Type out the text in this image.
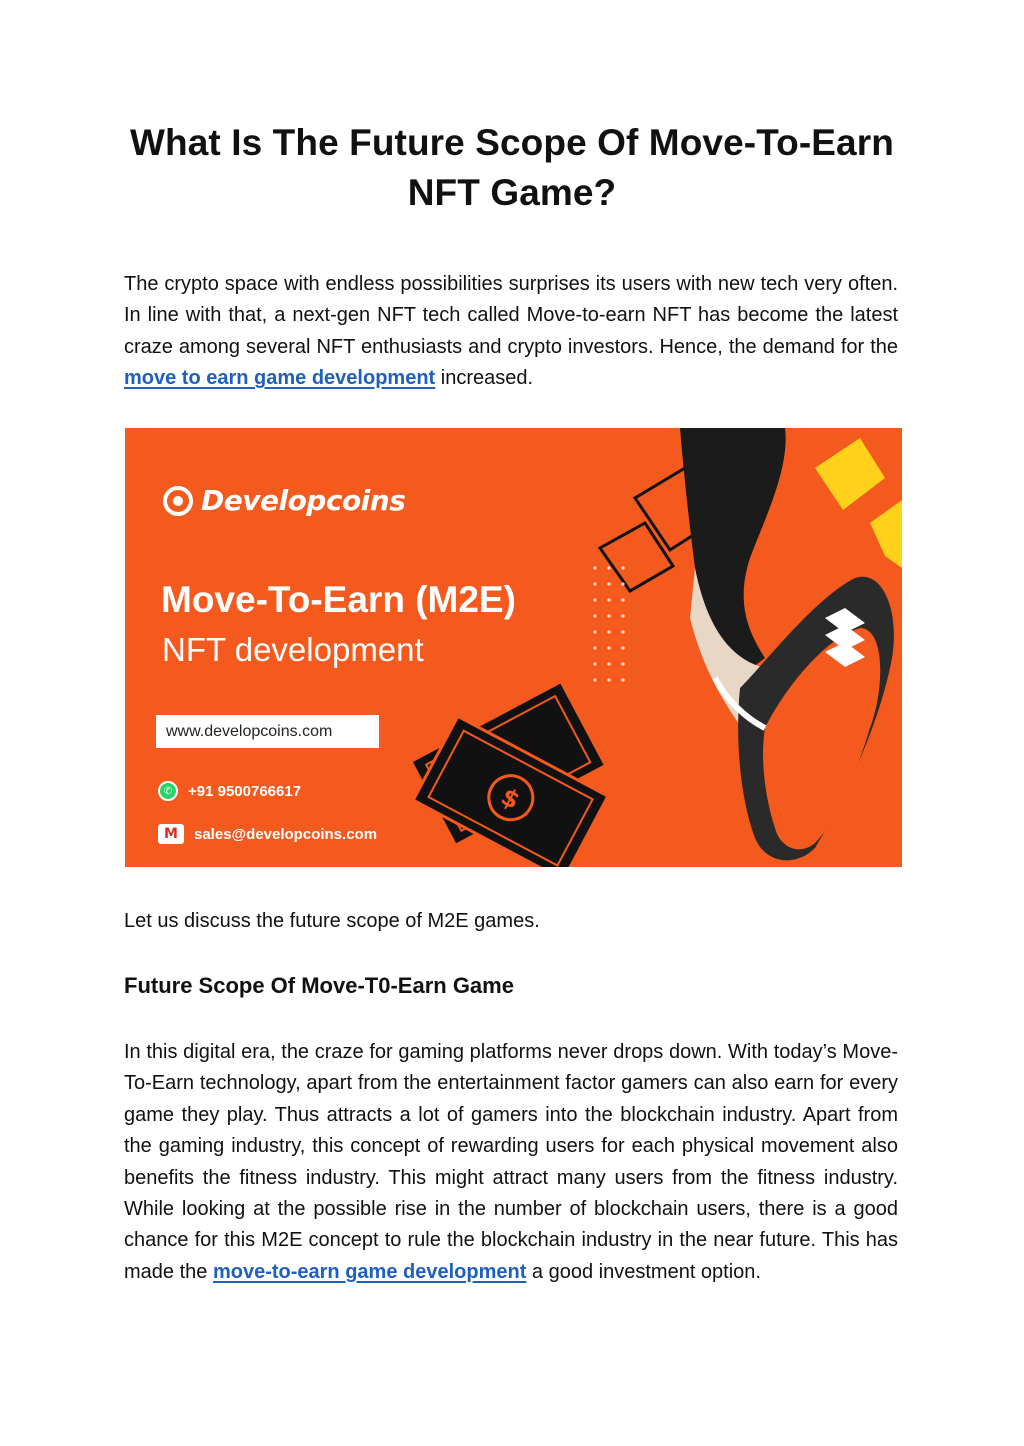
What Is The Future Scope Of Move-To-Earn NFT Game?

The crypto space with endless possibilities surprises its users with new tech very often. In line with that, a next-gen NFT tech called Move-to-earn NFT has become the latest craze among several NFT enthusiasts and crypto investors. Hence, the demand for the move to earn game development increased.

$
Developcoins
Move-To-Earn (M2E)

NFT development

www.developcoins.com
✆	+91 9500766617
M	sales@developcoins.com

Let us discuss the future scope of M2E games.

Future Scope Of Move-T0-Earn Game

In this digital era, the craze for gaming platforms never drops down. With today’s Move-To-Earn technology, apart from the entertainment factor gamers can also earn for every game they play. Thus attracts a lot of gamers into the blockchain industry. Apart from the gaming industry, this concept of rewarding users for each physical movement also benefits the fitness industry. This might attract many users from the fitness industry. While looking at the possible rise in the number of blockchain users, there is a good chance for this M2E concept to rule the blockchain industry in the near future. This has made the move-to-earn game development a good investment option.
